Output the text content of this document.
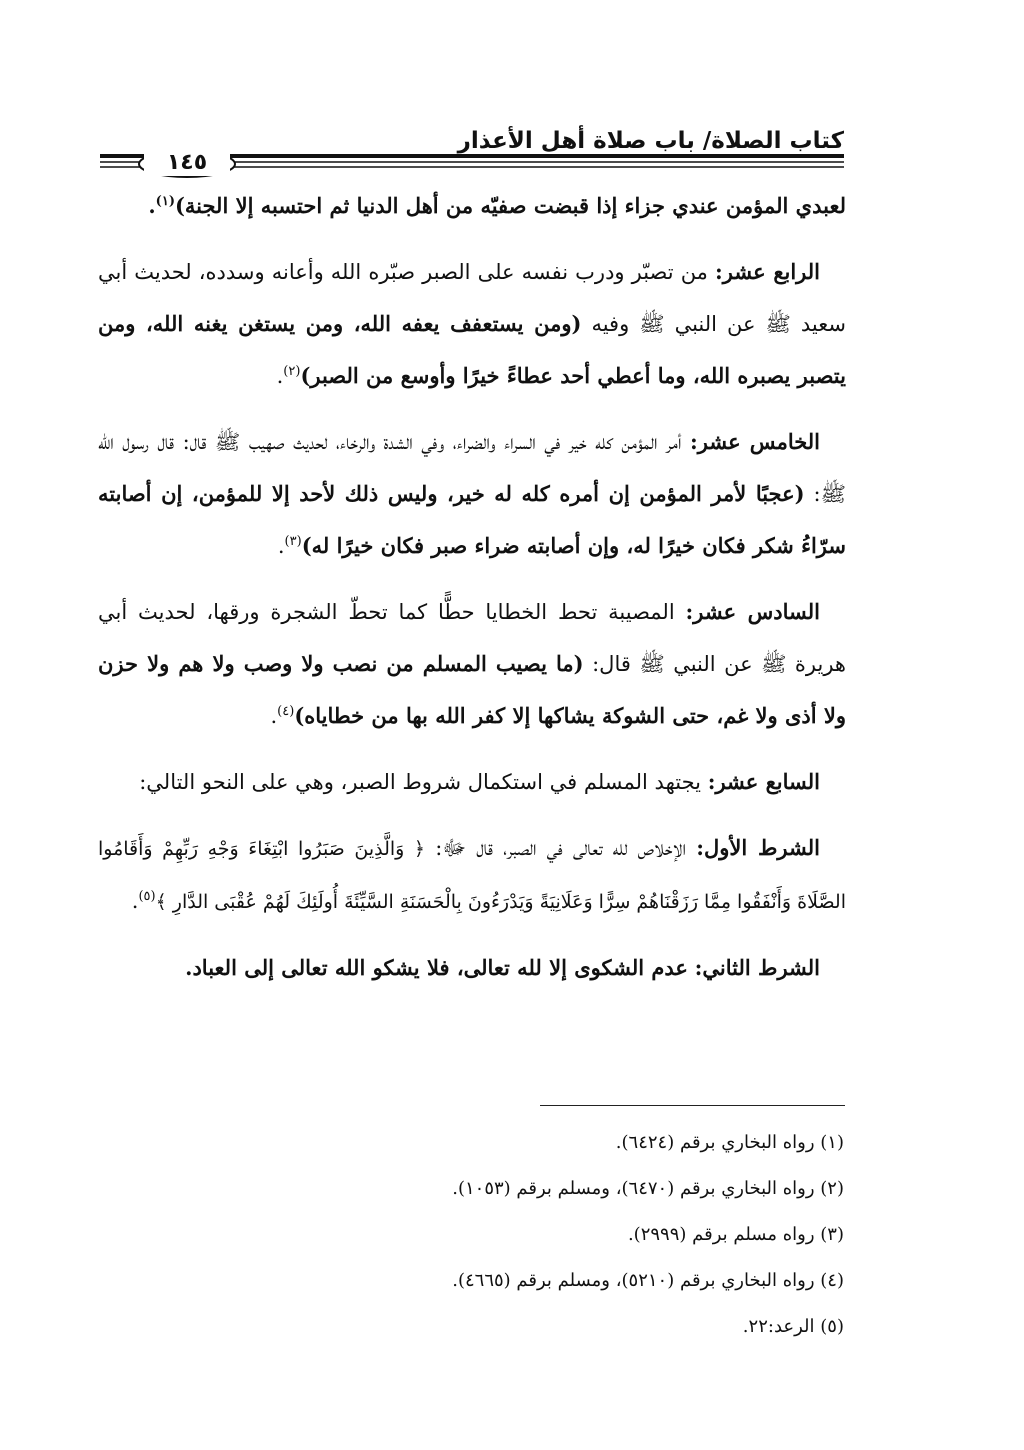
كتاب الصلاة/ باب صلاة أهل الأعذار
١٤٥

لعبدي المؤمن عندي جزاء إذا قبضت صفيّه من أهل الدنيا ثم احتسبه إلا الجنة)$^{(١)}$.

الرابع عشر: من تصبّر ودرب نفسه على الصبر صبّره الله وأعانه وسدده، لحديث أبي سعيد ﷺ عن النبي ﷺ وفيه (ومن يستعفف يعفه الله، ومن يستغن يغنه الله، ومن يتصبر يصبره الله، وما أعطي أحد عطاءً خيرًا وأوسع من الصبر)$^{(٢)}$.

الخامس عشر: أمر المؤمن كله خير في السراء والضراء، وفي الشدة والرخاء، لحديث صهيب ﷺ قال: قال رسول الله ﷺ: (عجبًا لأمر المؤمن إن أمره كله له خير، وليس ذلك لأحد إلا للمؤمن، إن أصابته سرّاءُ شكر فكان خيرًا له، وإن أصابته ضراء صبر فكان خيرًا له)$^{(٣)}$.

السادس عشر: المصيبة تحط الخطايا حطًّا كما تحطّ الشجرة ورقها، لحديث أبي هريرة ﷺ عن النبي ﷺ قال: (ما يصيب المسلم من نصب ولا وصب ولا هم ولا حزن ولا أذى ولا غم، حتى الشوكة يشاكها إلا كفر الله بها من خطاياه)$^{(٤)}$.

السابع عشر: يجتهد المسلم في استكمال شروط الصبر، وهي على النحو التالي:

الشرط الأول: الإخلاص لله تعالى في الصبر، قال ﷻ: ﴿ وَالَّذِينَ صَبَرُوا ابْتِغَاءَ وَجْهِ رَبِّهِمْ وَأَقَامُوا الصَّلَاةَ وَأَنْفَقُوا مِمَّا رَزَقْنَاهُمْ سِرًّا وَعَلَانِيَةً وَيَدْرَءُونَ بِالْحَسَنَةِ السَّيِّئَةَ أُولَئِكَ لَهُمْ عُقْبَى الدَّارِ ﴾$^{(٥)}$.

الشرط الثاني: عدم الشكوى إلا لله تعالى، فلا يشكو الله تعالى إلى العباد.

(١) رواه البخاري برقم (٦٤٢٤).
(٢) رواه البخاري برقم (٦٤٧٠)، ومسلم برقم (١٠٥٣).
(٣) رواه مسلم برقم (٢٩٩٩).
(٤) رواه البخاري برقم (٥٢١٠)، ومسلم برقم (٤٦٦٥).
(٥) الرعد:٢٢.
